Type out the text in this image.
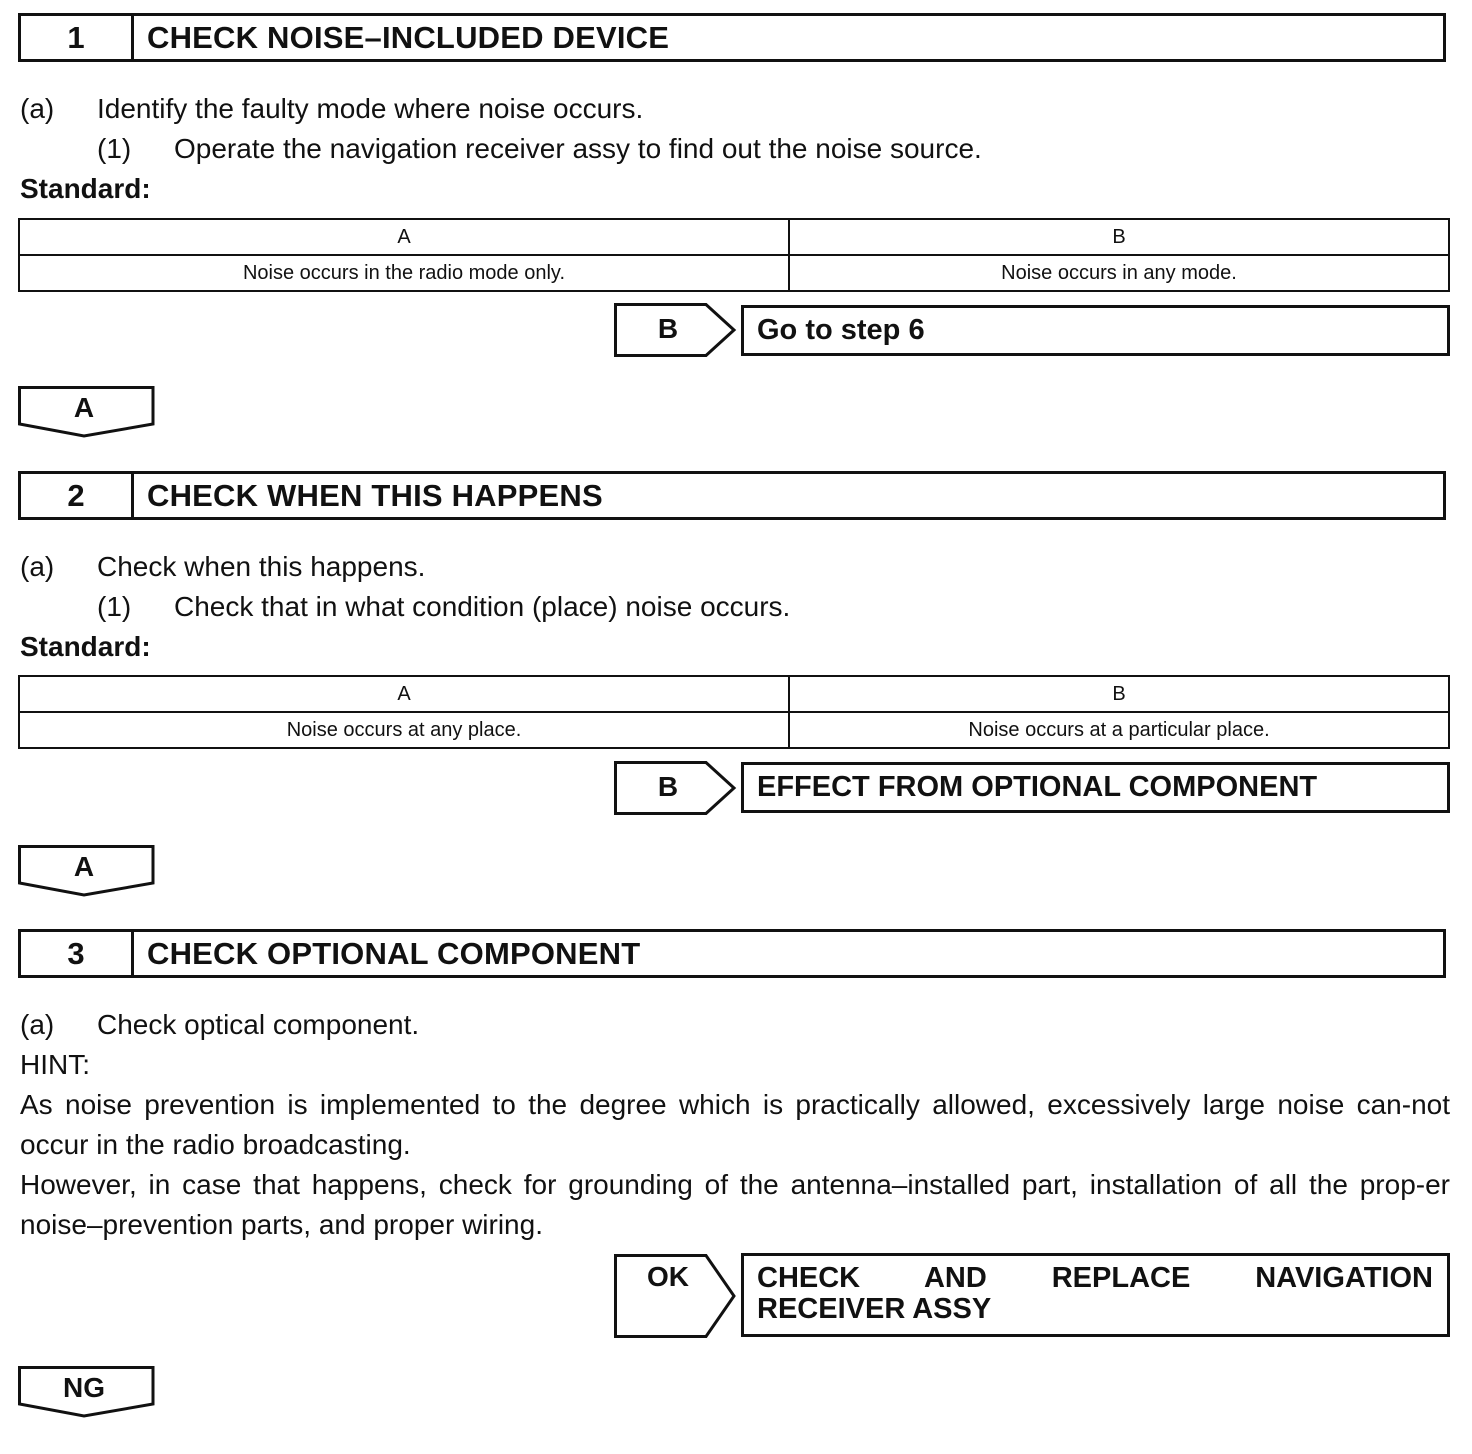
1	CHECK NOISE–INCLUDED DEVICE
(a) Identify the faulty mode where noise occurs.
(1) Operate the navigation receiver assy to find out the noise source.
Standard:
A	B
Noise occurs in the radio mode only.	Noise occurs in any mode.
B	Go to step 6
A
2	CHECK WHEN THIS HAPPENS
(a) Check when this happens.
(1) Check that in what condition (place) noise occurs.
Standard:
A	B
Noise occurs at any place.	Noise occurs at a particular place.
B	EFFECT FROM OPTIONAL COMPONENT
A
3	CHECK OPTIONAL COMPONENT
(a) Check optical component.
HINT:
As noise prevention is implemented to the degree which is practically allowed, excessively large noise can-not occur in the radio broadcasting.
However, in case that happens, check for grounding of the antenna–installed part, installation of all the prop-er noise–prevention parts, and proper wiring.
OK	CHECK AND REPLACE NAVIGATION
RECEIVER ASSY
NG
